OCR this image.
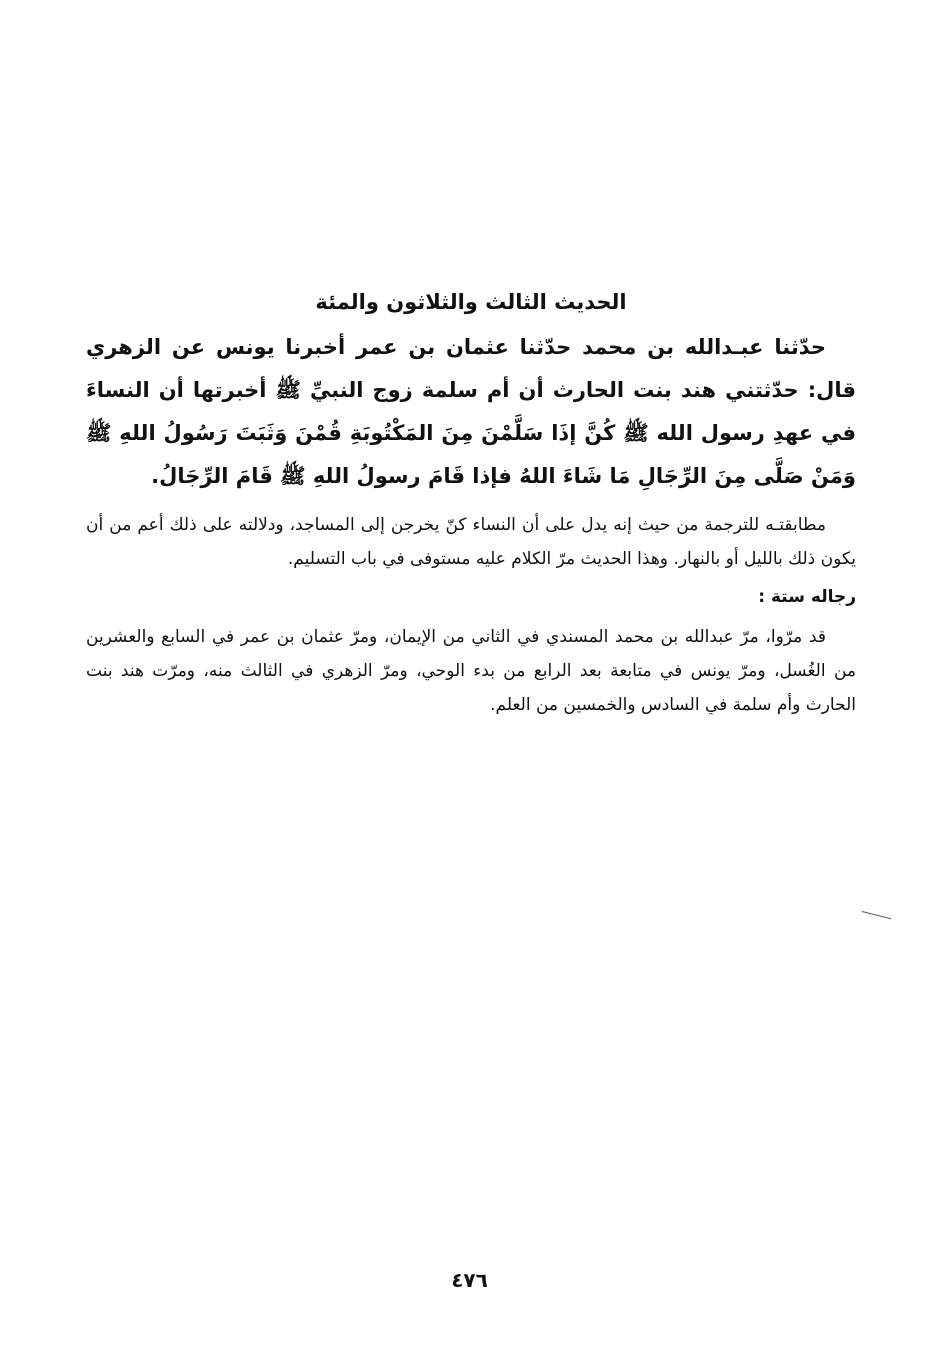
الحديث الثالث والثلاثون والمئة

حدّثنا عبـدالله بن محمد حدّثنا عثمان بن عمر أخبرنا يونس عن الزهري قال: حدّثتني هند بنت الحارث أن أم سلمة زوج النبيِّ ﷺ أخبرتها أن النساءَ في عهدِ رسول الله ﷺ كُنَّ إذَا سَلَّمْنَ مِنَ المَكْتُوبَةِ قُمْنَ وَثَبَتَ رَسُولُ اللهِ ﷺ وَمَنْ صَلَّى مِنَ الرِّجَالِ مَا شَاءَ اللهُ فإذا قَامَ رسولُ اللهِ ﷺ قَامَ الرِّجَالُ.

مطابقتـه للترجمة من حيث إنه يدل على أن النساء كنّ يخرجن إلى المساجد، ودلالته على ذلك أعم من أن يكون ذلك بالليل أو بالنهار. وهذا الحديث مرّ الكلام عليه مستوفى في باب التسليم.

رجاله ستة :

قد مرّوا، مرّ عبدالله بن محمد المسندي في الثاني من الإيمان، ومرّ عثمان بن عمر في السابع والعشرين من الغُسل، ومرّ يونس في متابعة بعد الرابع من بدء الوحي، ومرّ الزهري في الثالث منه، ومرّت هند بنت الحارث وأم سلمة في السادس والخمسين من العلم.

٤٧٦
